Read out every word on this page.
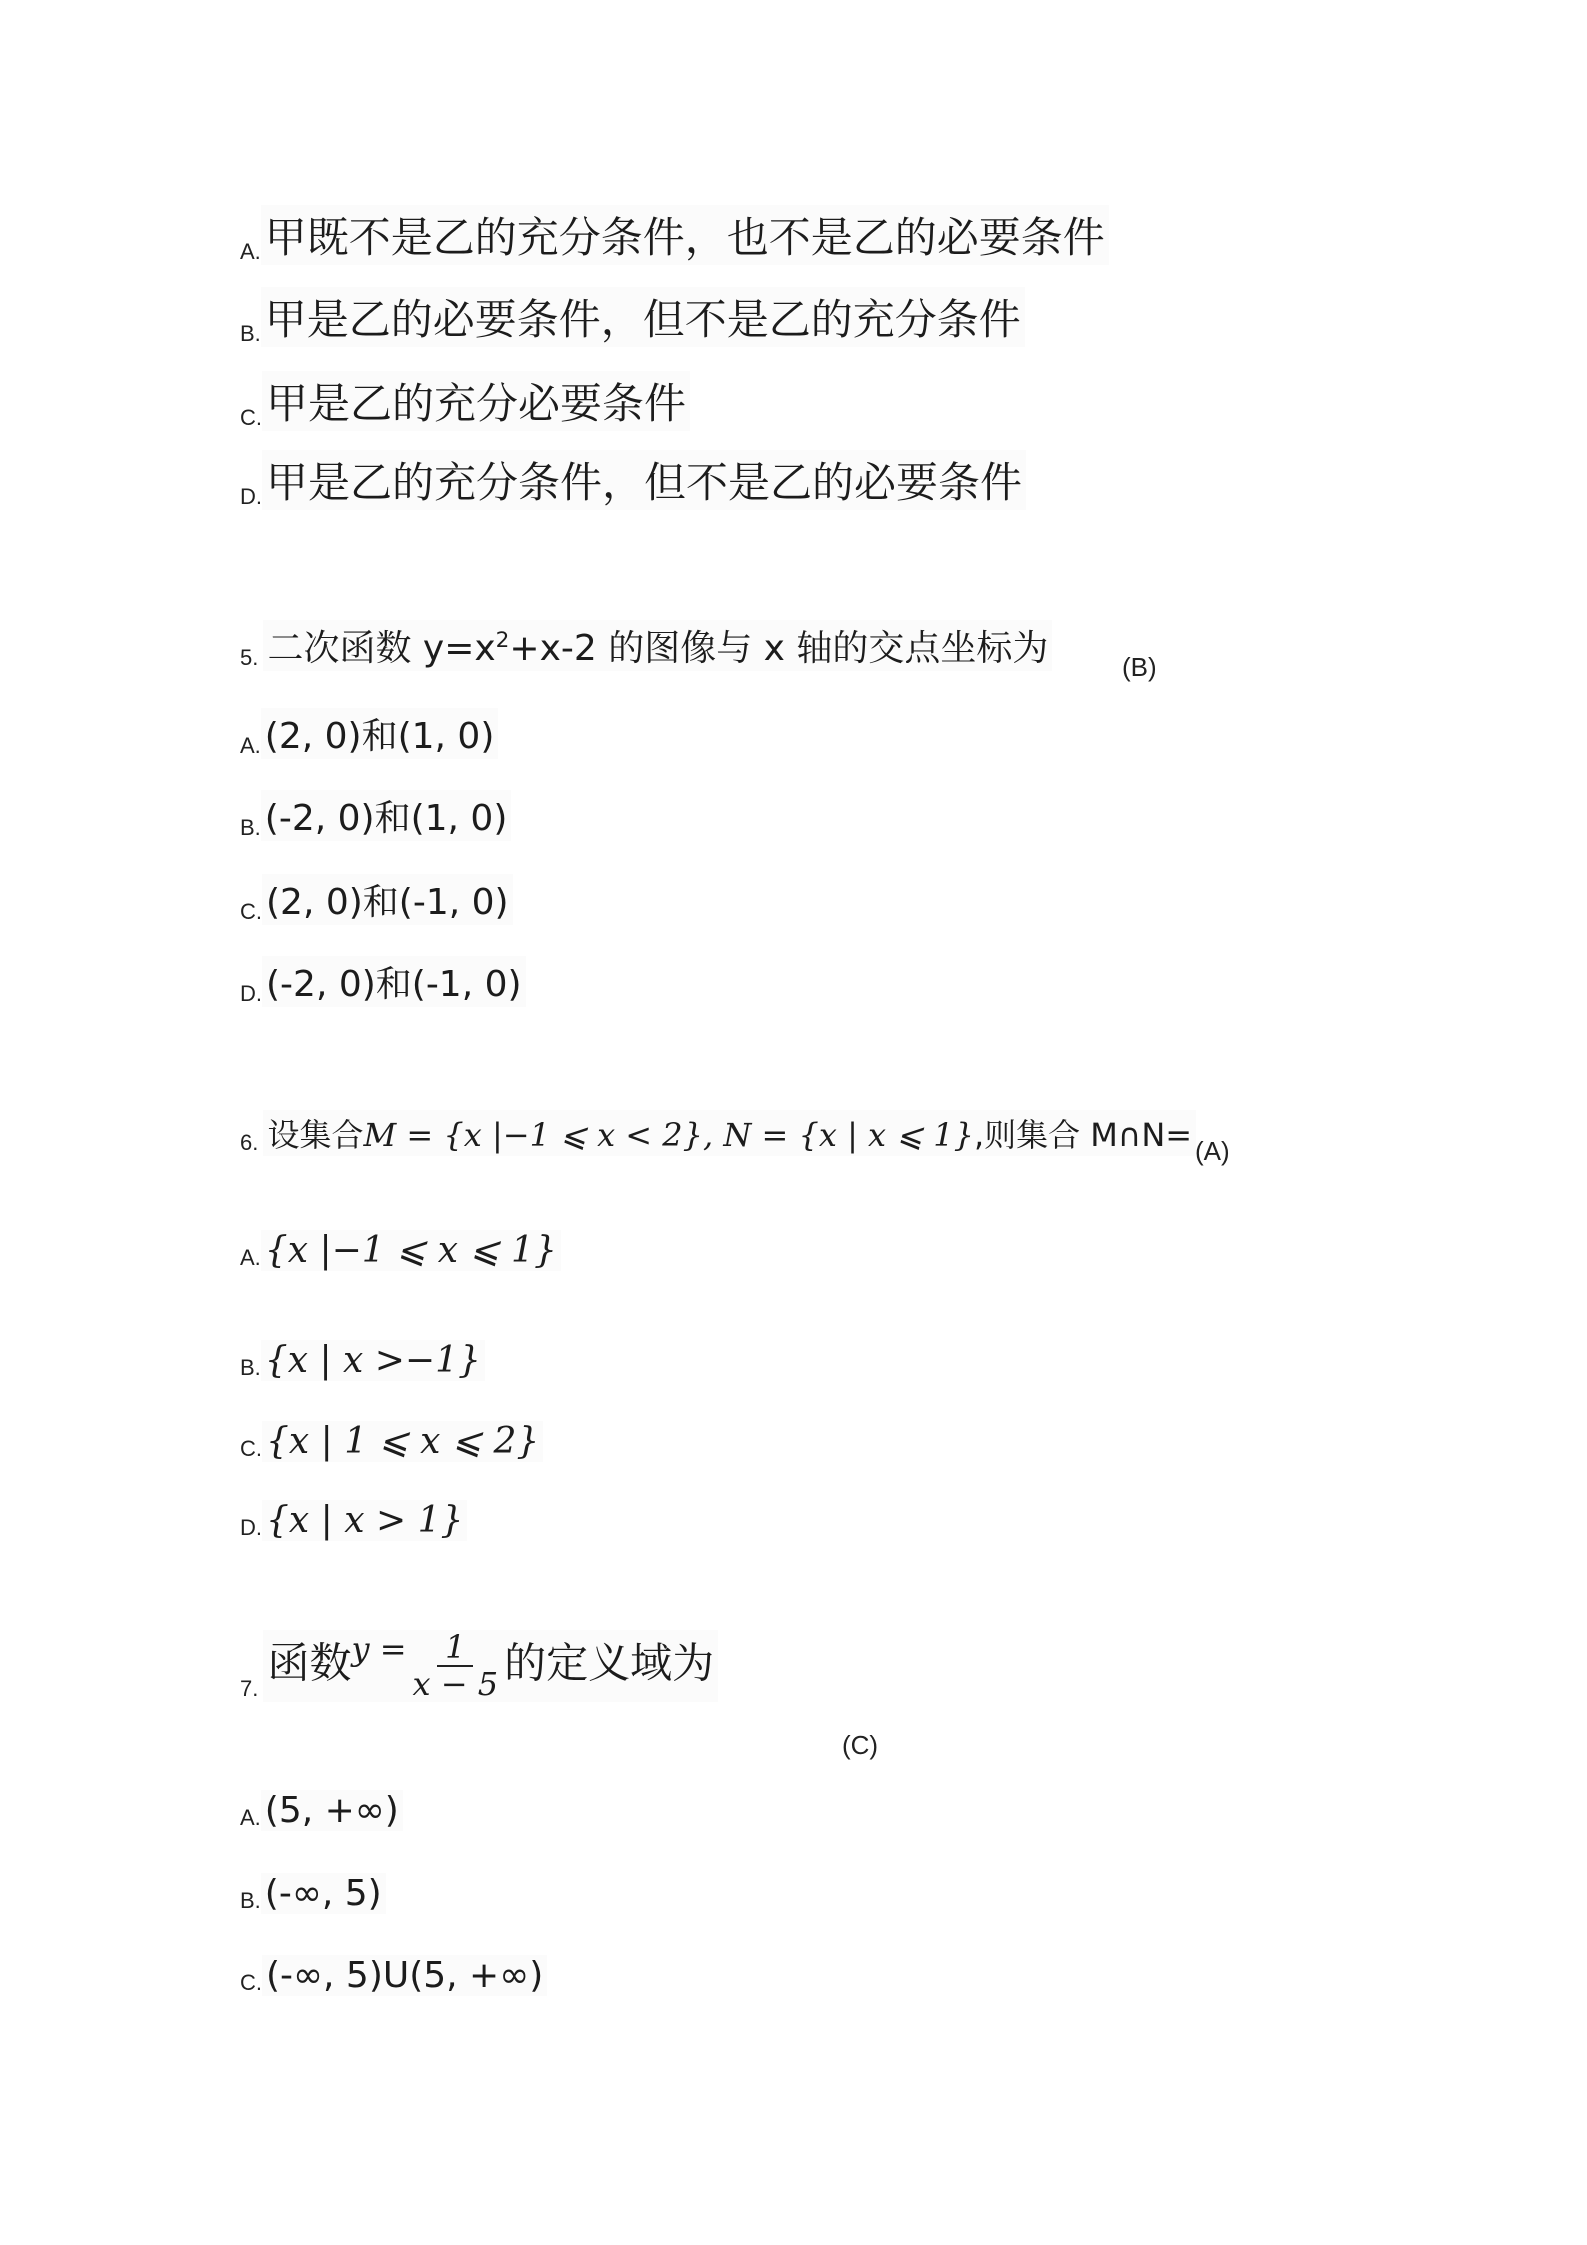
A.甲既不是乙的充分条件，也不是乙的必要条件
B.甲是乙的必要条件，但不是乙的充分条件
C.甲是乙的充分必要条件
D.甲是乙的充分条件，但不是乙的必要条件
5. 二次函数 $y=x^2+x-2$ 的图像与 x 轴的交点坐标为	(B)
A. (2, 0)和(1, 0)
B. (-2, 0)和(1, 0)
C. (2, 0)和(-1, 0)
D. (-2, 0)和(-1, 0)
6. 设集合M = {x |−1 ⩽ x < 2}, N = {x | x ⩽ 1},则集合 M∩N= (A)
A. {x |−1 ⩽ x ⩽ 1}
B. {x | x >−1}
C. {x | 1 ⩽ x ⩽ 2}
D. {x | x > 1}
7. 函数$^{y =} \frac{1}{x - 5}$ 的定义域为
(C)
A. (5, +∞)
B. (-∞, 5)
C. (-∞, 5)U(5, +∞)
